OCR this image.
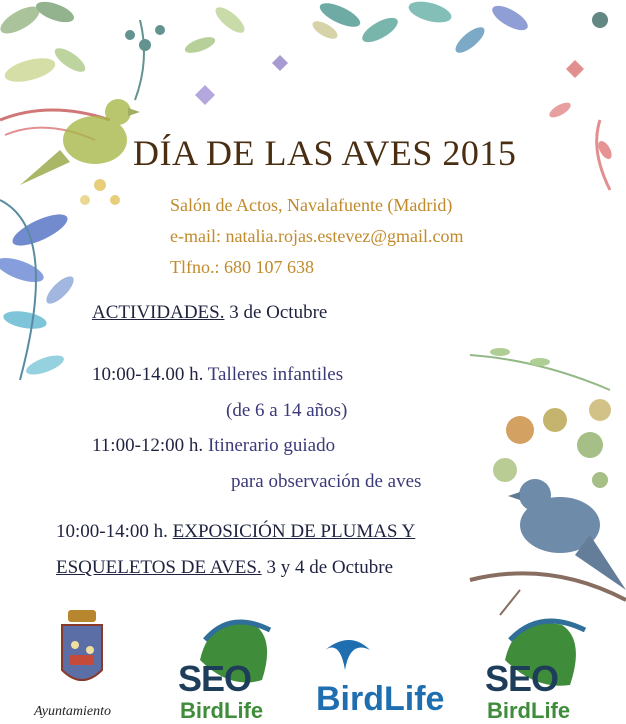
DÍA DE LAS AVES 2015
Salón de Actos, Navalafuente (Madrid)
e-mail: natalia.rojas.estevez@gmail.com
Tlfno.: 680 107 638
ACTIVIDADES. 3 de Octubre
10:00-14.00 h. Talleres infantiles
(de 6 a 14 años)
11:00-12:00 h. Itinerario guiado
para observación de aves
10:00-14:00 h. EXPOSICIÓN DE PLUMAS Y
ESQUELETOS DE AVES. 3 y 4 de Octubre
Ayuntamiento
SEO
BirdLife BirdLife SEO
BirdLife
